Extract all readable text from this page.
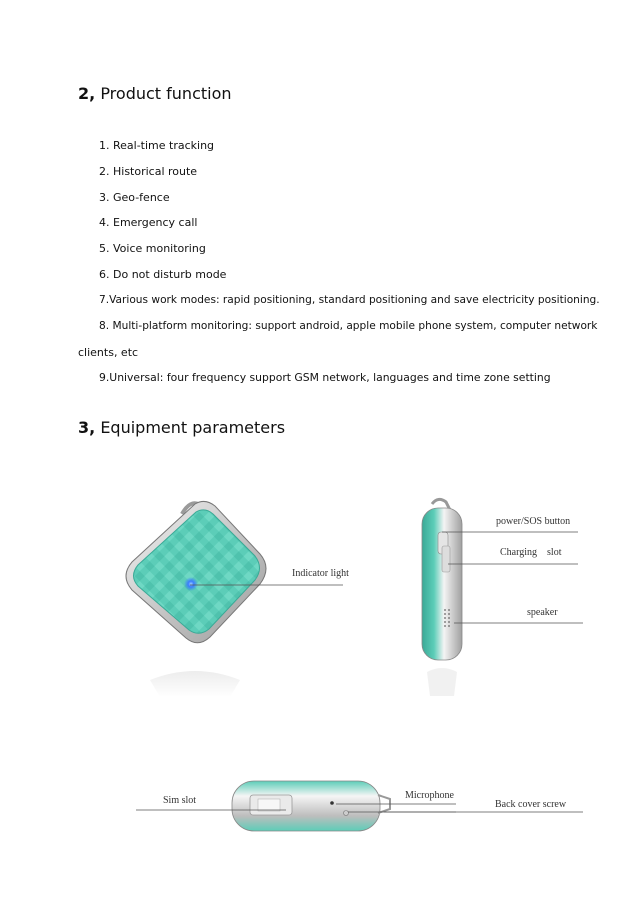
2, Product function
1. Real-time tracking
2. Historical route
3. Geo-fence
4. Emergency call
5. Voice monitoring
6. Do not disturb mode
7.Various work modes: rapid positioning, standard positioning and save electricity positioning.
8. Multi-platform monitoring: support android, apple mobile phone system, computer network
clients, etc
9.Universal: four frequency support GSM network, languages and time zone setting
3, Equipment parameters
Indicator light
power/SOS button
Charging    slot
speaker
Sim slot	Microphone
Back cover screw
